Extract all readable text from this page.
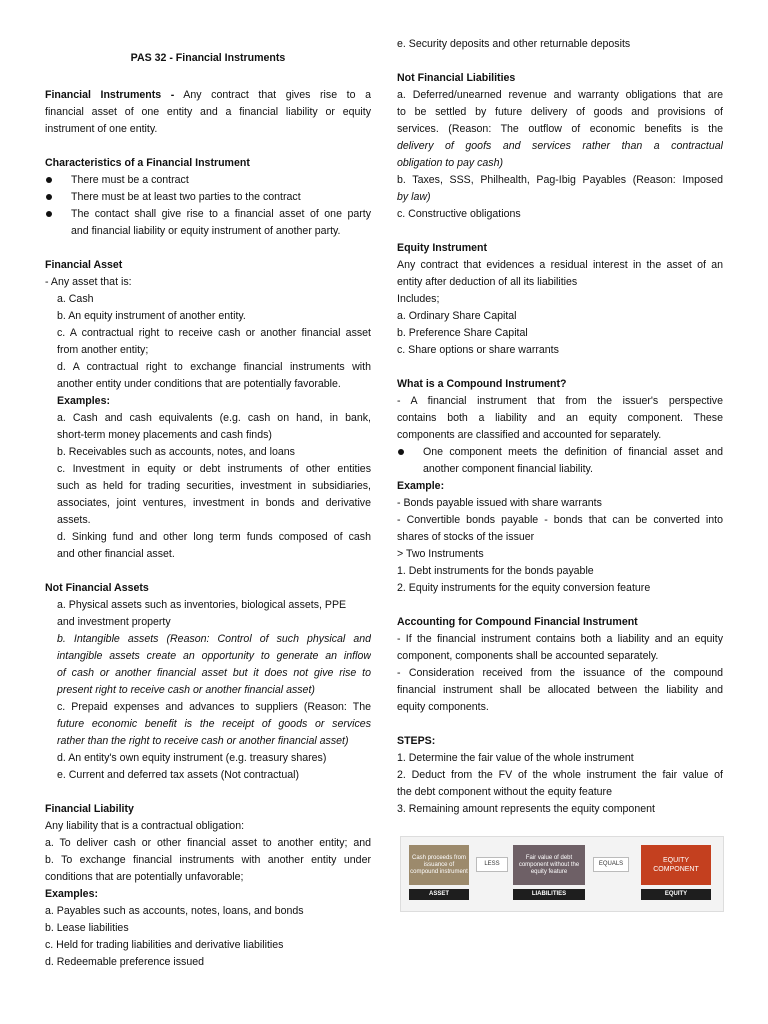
PAS 32 - Financial Instruments
Financial Instruments - Any contract that gives rise to a
financial asset of one entity and a financial liability or equity
instrument of one entity.
Characteristics of a Financial Instrument
There must be a contract
There must be at least two parties to the contract
The contact shall give rise to a financial asset of one party
and financial liability or equity instrument of another party.
Financial Asset
- Any asset that is:
a. Cash
b. An equity instrument of another entity.
c. A contractual right to receive cash or another financial asset
from another entity;
d. A contractual right to exchange financial instruments with
another entity under conditions that are potentially favorable.
Examples:
a. Cash and cash equivalents (e.g. cash on hand, in bank,
short-term money placements and cash finds)
b. Receivables such as accounts, notes, and loans
c. Investment in equity or debt instruments of other entities
such as held for trading securities, investment in subsidiaries,
associates, joint ventures, investment in bonds and derivative
assets.
d. Sinking fund and other long term funds composed of cash
and other financial asset.
Not Financial Assets
a. Physical assets such as inventories, biological assets, PPE
and investment property
b. Intangible assets (Reason: Control of such physical and
intangible assets create an opportunity to generate an inflow
of cash or another financial asset but it does not give rise to
present right to receive cash or another financial asset)
c. Prepaid expenses and advances to suppliers (Reason: The
future economic benefit is the receipt of goods or services
rather than the right to receive cash or another financial asset)
d. An entity's own equity instrument (e.g. treasury shares)
e. Current and deferred tax assets (Not contractual)
Financial Liability
Any liability that is a contractual obligation:
a. To deliver cash or other financial asset to another entity; and
b. To exchange financial instruments with another entity under
conditions that are potentially unfavorable;
Examples:
a. Payables such as accounts, notes, loans, and bonds
b. Lease liabilities
c. Held for trading liabilities and derivative liabilities
d. Redeemable preference issued
e. Security deposits and other returnable deposits
Not Financial Liabilities
a. Deferred/unearned revenue and warranty obligations that are
to be settled by future delivery of goods and provisions of
services. (Reason: The outflow of economic benefits is the
delivery of goofs and services rather than a contractual
obligation to pay cash)
b. Taxes, SSS, Philhealth, Pag-Ibig Payables (Reason: Imposed
by law)
c. Constructive obligations
Equity Instrument
Any contract that evidences a residual interest in the asset of an
entity after deduction of all its liabilities
Includes;
a. Ordinary Share Capital
b. Preference Share Capital
c. Share options or share warrants
What is a Compound Instrument?
- A financial instrument that from the issuer's perspective
contains both a liability and an equity component. These
components are classified and accounted for separately.
One component meets the definition of financial asset and
another component financial liability.
Example:
- Bonds payable issued with share warrants
- Convertible bonds payable - bonds that can be converted into
shares of stocks of the issuer
> Two Instruments
1. Debt instruments for the bonds payable
2. Equity instruments for the equity conversion feature
Accounting for Compound Financial Instrument
- If the financial instrument contains both a liability and an equity
component, components shall be accounted separately.
- Consideration received from the issuance of the compound
financial instrument shall be allocated between the liability and
equity components.
STEPS:
1. Determine the fair value of the whole instrument
2. Deduct from the FV of the whole instrument the fair value of
the debt component without the equity feature
3. Remaining amount represents the equity component
Cash proceeds from issuance of compound instrument
LESS
Fair value of debt component without the equity feature
EQUALS	EQUITY COMPONENT
ASSET	LIABILITIES	EQUITY
